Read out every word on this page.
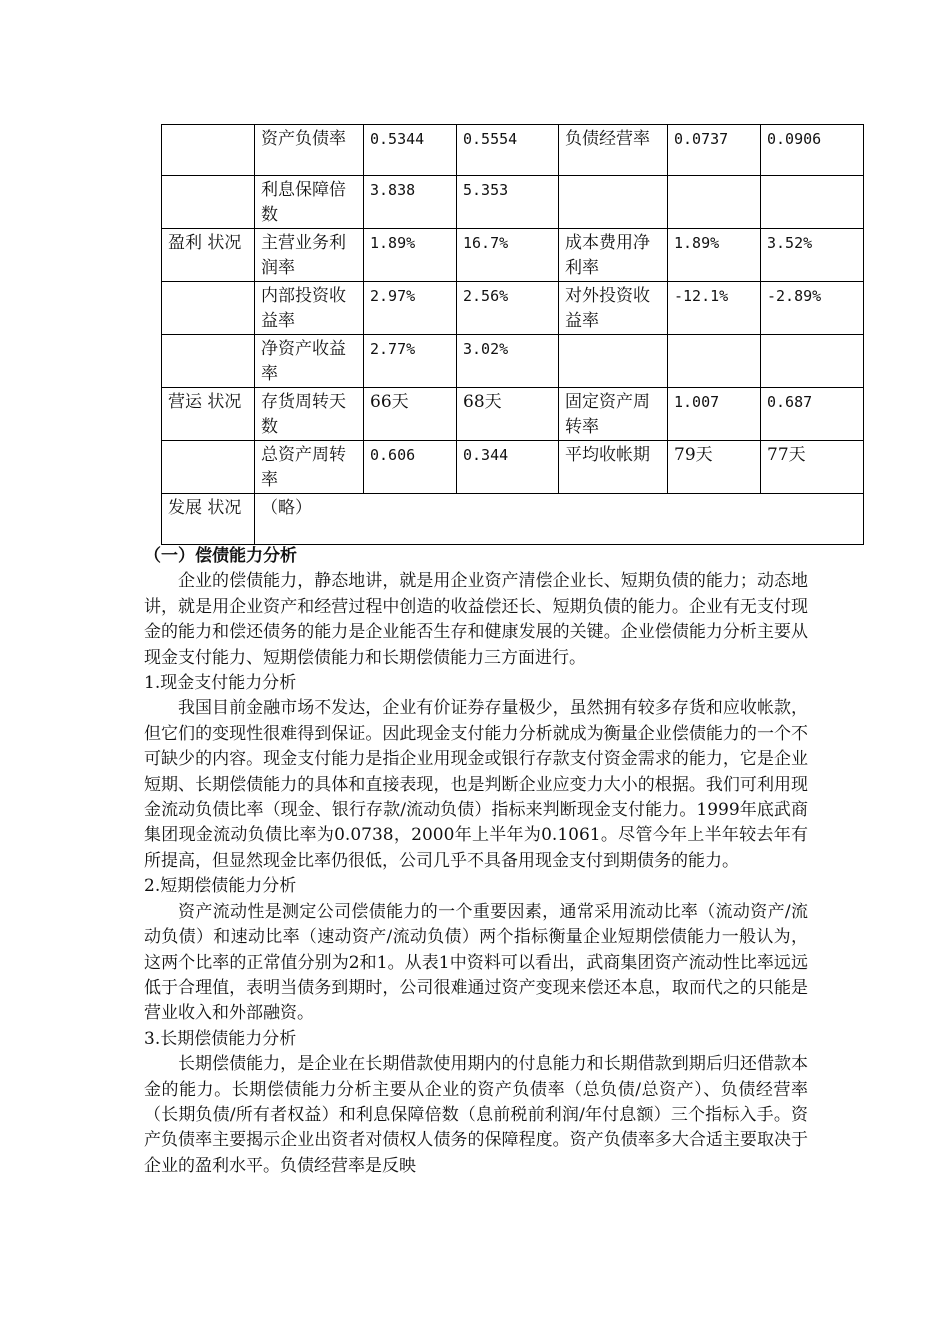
	资产负债率	0.5344	0.5554	负债经营率	0.0737	0.0906
	利息保障倍数	3.838	5.353			
盈利 状况	主营业务利润率	1.89%	16.7%	成本费用净利率	1.89%	3.52%
	内部投资收益率	2.97%	2.56%	对外投资收益率	-12.1%	-2.89%
	净资产收益率	2.77%	3.02%			
营运 状况	存货周转天数	66天	68天	固定资产周转率	1.007	0.687
	总资产周转率	0.606	0.344	平均收帐期	79天	77天
发展 状况	（略）					

（一）偿债能力分析

企业的偿债能力，静态地讲，就是用企业资产清偿企业长、短期负债的能力；动态地讲，就是用企业资产和经营过程中创造的收益偿还长、短期负债的能力。企业有无支付现金的能力和偿还债务的能力是企业能否生存和健康发展的关键。企业偿债能力分析主要从现金支付能力、短期偿债能力和长期偿债能力三方面进行。

1.现金支付能力分析

我国目前金融市场不发达，企业有价证券存量极少，虽然拥有较多存货和应收帐款，但它们的变现性很难得到保证。因此现金支付能力分析就成为衡量企业偿债能力的一个不可缺少的内容。现金支付能力是指企业用现金或银行存款支付资金需求的能力，它是企业短期、长期偿债能力的具体和直接表现，也是判断企业应变力大小的根据。我们可利用现金流动负债比率（现金、银行存款/流动负债）指标来判断现金支付能力。1999年底武商集团现金流动负债比率为0.0738，2000年上半年为0.1061。尽管今年上半年较去年有所提高，但显然现金比率仍很低，公司几乎不具备用现金支付到期债务的能力。

2.短期偿债能力分析

资产流动性是测定公司偿债能力的一个重要因素，通常采用流动比率（流动资产/流动负债）和速动比率（速动资产/流动负债）两个指标衡量企业短期偿债能力一般认为，这两个比率的正常值分别为2和1。从表1中资料可以看出，武商集团资产流动性比率远远低于合理值，表明当债务到期时，公司很难通过资产变现来偿还本息，取而代之的只能是营业收入和外部融资。

3.长期偿债能力分析

长期偿债能力，是企业在长期借款使用期内的付息能力和长期借款到期后归还借款本金的能力。长期偿债能力分析主要从企业的资产负债率（总负债/总资产）、负债经营率（长期负债/所有者权益）和利息保障倍数（息前税前利润/年付息额）三个指标入手。资产负债率主要揭示企业出资者对债权人债务的保障程度。资产负债率多大合适主要取决于企业的盈利水平。负债经营率是反映
